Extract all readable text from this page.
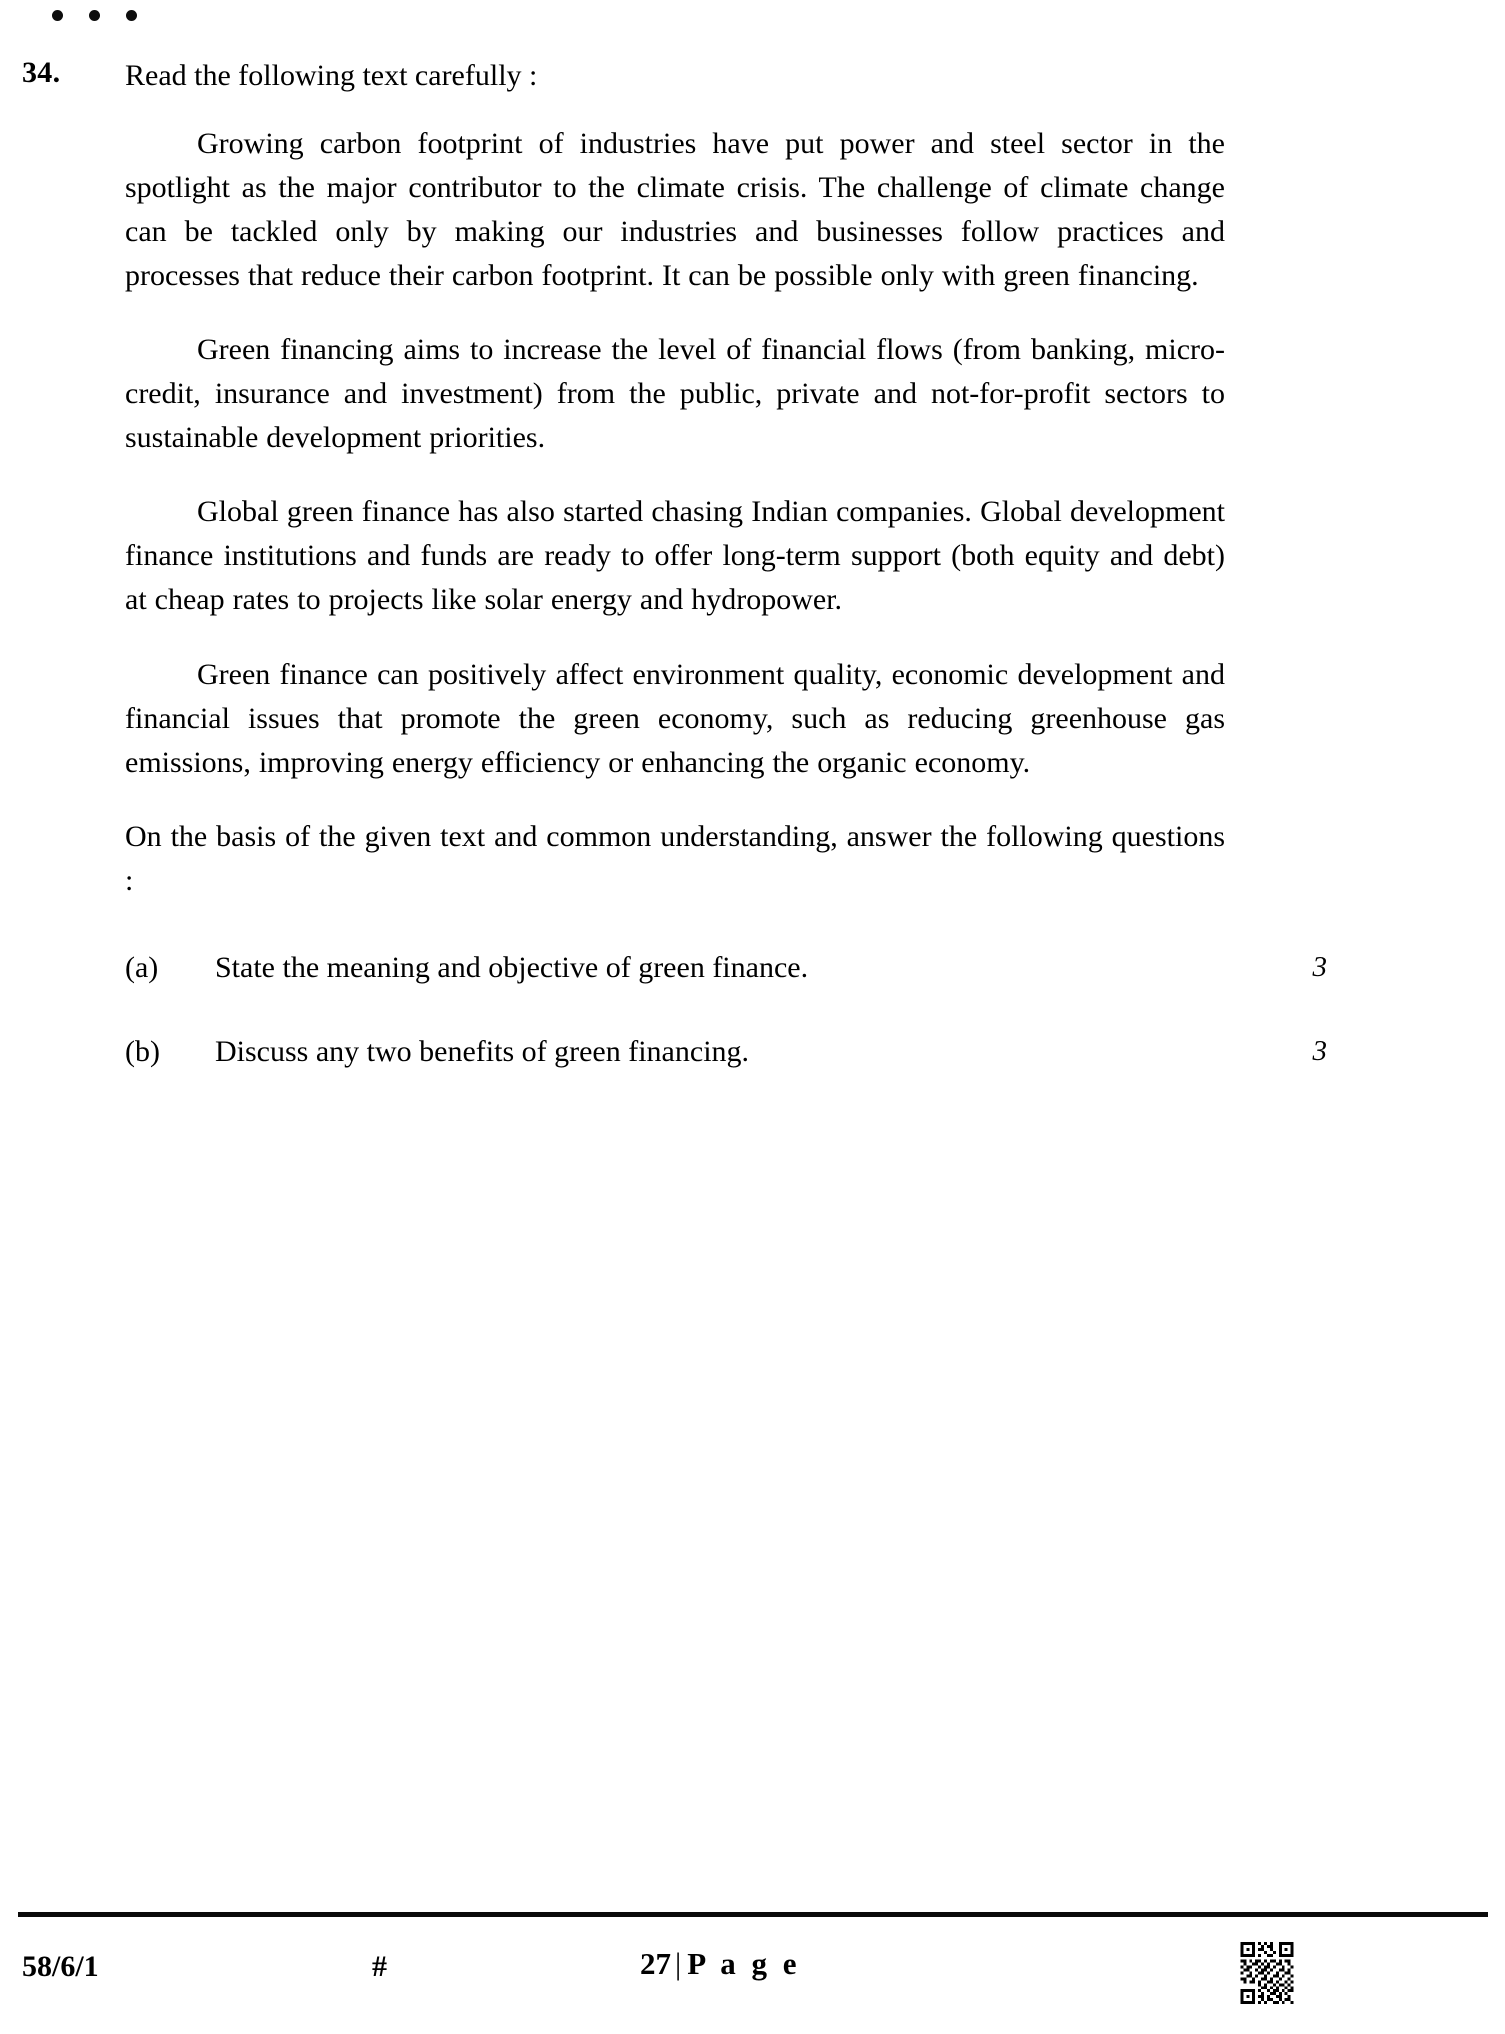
34. Read the following text carefully :

Growing carbon footprint of industries have put power and steel sector in the spotlight as the major contributor to the climate crisis. The challenge of climate change can be tackled only by making our industries and businesses follow practices and processes that reduce their carbon footprint. It can be possible only with green financing.

Green financing aims to increase the level of financial flows (from banking, micro-credit, insurance and investment) from the public, private and not-for-profit sectors to sustainable development priorities.

Global green finance has also started chasing Indian companies. Global development finance institutions and funds are ready to offer long-term support (both equity and debt) at cheap rates to projects like solar energy and hydropower.

Green finance can positively affect environment quality, economic development and financial issues that promote the green economy, such as reducing greenhouse gas emissions, improving energy efficiency or enhancing the organic economy.

On the basis of the given text and common understanding, answer the following questions :

(a)	State the meaning and objective of green finance.	3
(b)	Discuss any two benefits of green financing.	3
58/6/1	#	27 | P a g e
